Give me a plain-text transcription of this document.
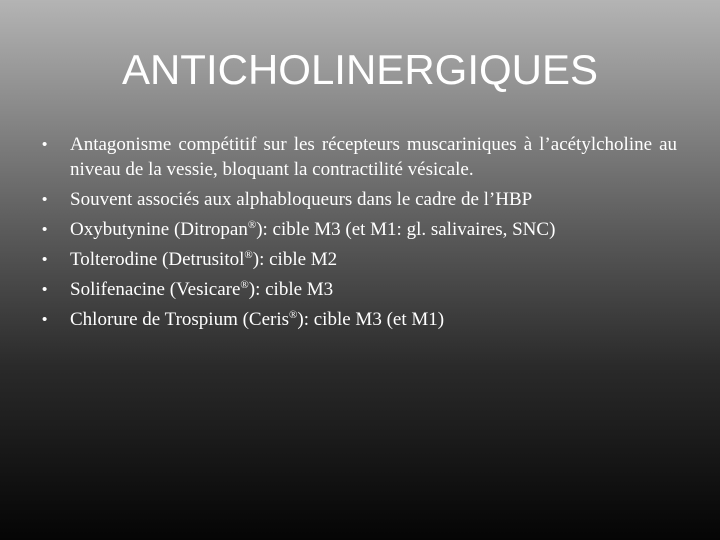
ANTICHOLINERGIQUES
• Antagonisme compétitif sur les récepteurs muscariniques à l’acétylcholine au niveau de la vessie, bloquant la contractilité vésicale.
• Souvent associés aux alphabloqueurs dans le cadre de l’HBP
• Oxybutynine (Ditropan®): cible M3 (et M1: gl. salivaires, SNC)
• Tolterodine (Detrusitol®): cible M2
• Solifenacine (Vesicare®): cible M3
• Chlorure de Trospium (Ceris®): cible M3 (et M1)
